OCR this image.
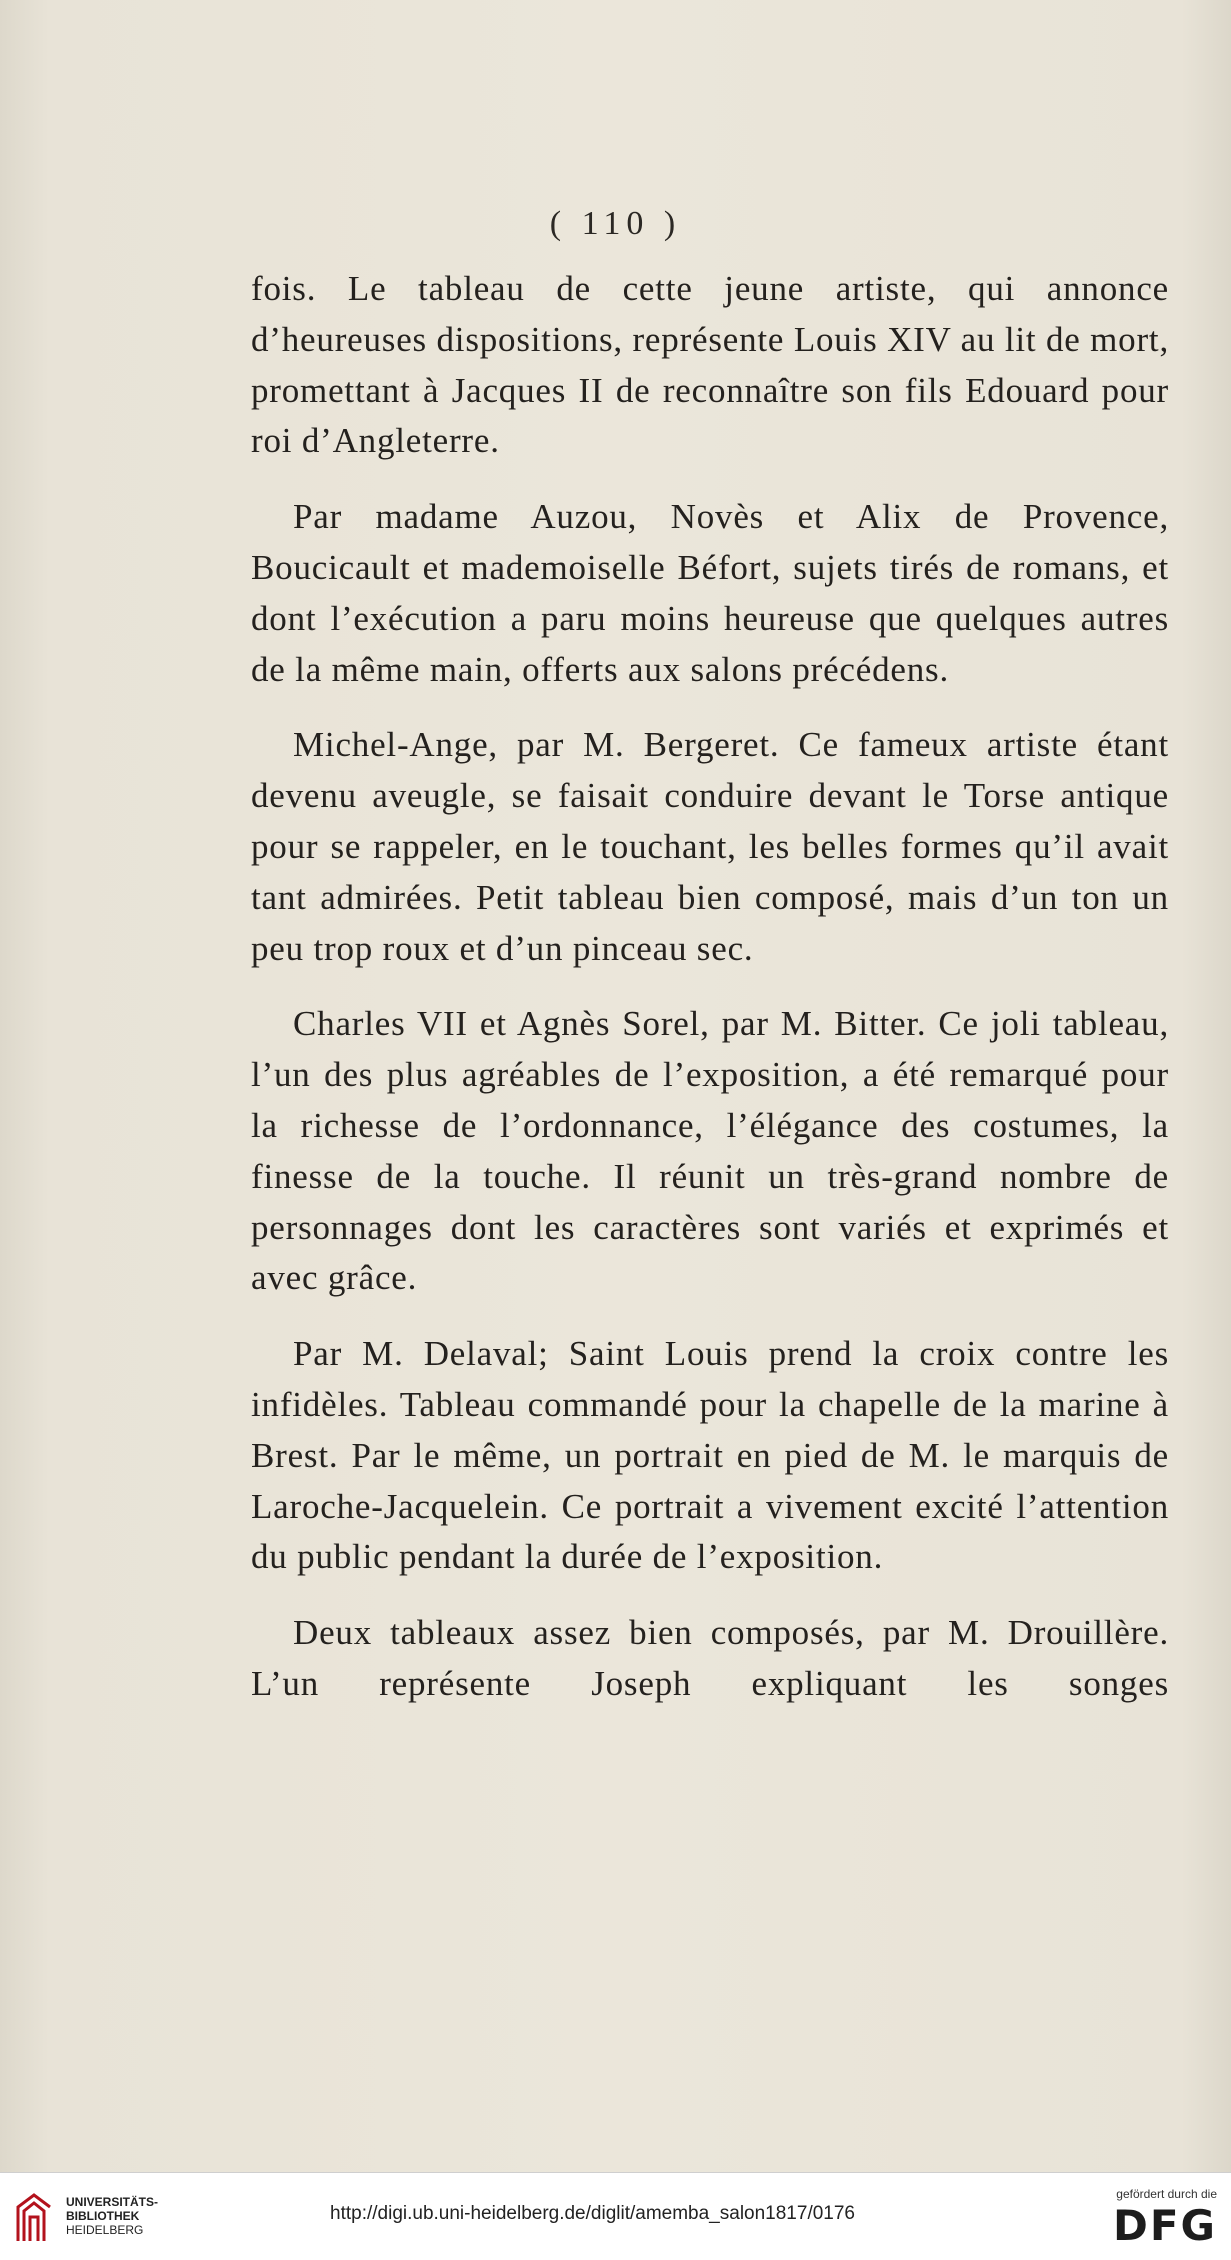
( 110 )

fois. Le tableau de cette jeune artiste, qui annonce d’heureuses dispositions, représente Louis XIV au lit de mort, promettant à Jacques II de reconnaître son fils Edouard pour roi d’Angleterre.

Par madame Auzou, Novès et Alix de Provence, Boucicault et mademoiselle Béfort, sujets tirés de romans, et dont l’exécution a paru moins heureuse que quelques autres de la même main, offerts aux salons précédens.

Michel-Ange, par M. Bergeret. Ce fameux artiste étant devenu aveugle, se faisait conduire devant le Torse antique pour se rappeler, en le touchant, les belles formes qu’il avait tant admirées. Petit tableau bien composé, mais d’un ton un peu trop roux et d’un pinceau sec.

Charles VII et Agnès Sorel, par M. Bitter. Ce joli tableau, l’un des plus agréables de l’exposition, a été remarqué pour la richesse de l’ordonnance, l’élégance des costumes, la finesse de la touche. Il réunit un très-grand nombre de personnages dont les caractères sont variés et exprimés et avec grâce.

Par M. Delaval; Saint Louis prend la croix contre les infidèles. Tableau commandé pour la chapelle de la marine à Brest. Par le même, un portrait en pied de M. le marquis de Laroche-Jacquelein. Ce portrait a vivement excité l’attention du public pendant la durée de l’exposition.

Deux tableaux assez bien composés, par M. Drouillère. L’un représente Joseph expliquant les songes

UNIVERSITÄTS-
BIBLIOTHEK
HEIDELBERG
http://digi.ub.uni-heidelberg.de/diglit/amemba_salon1817/0176
gefördert durch die
DFG
